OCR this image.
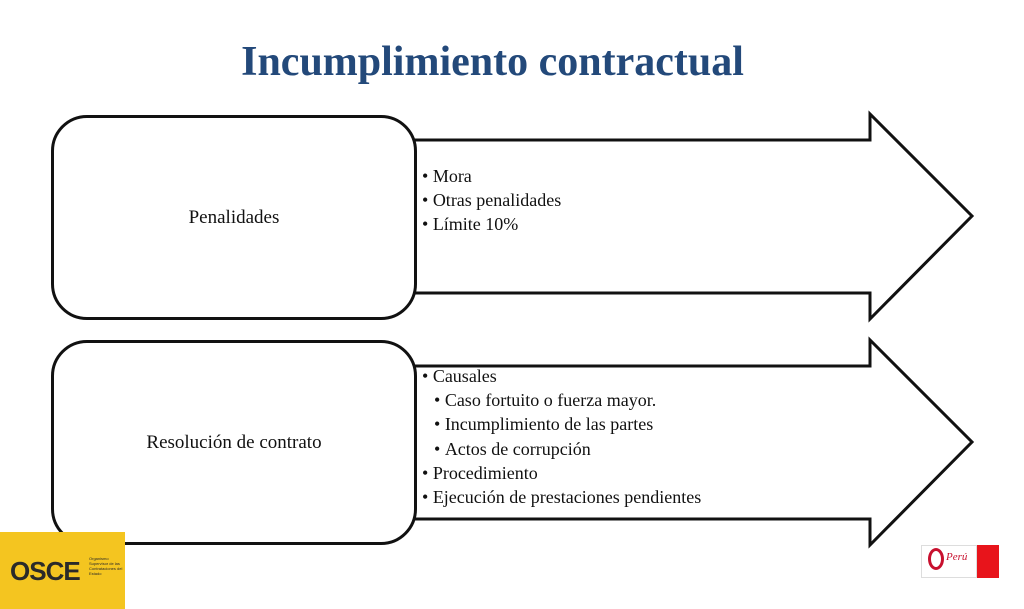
Incumplimiento contractual
Penalidades
• Mora
• Otras penalidades
• Límite 10%
Resolución de contrato
• Causales
• Caso fortuito o fuerza mayor.
• Incumplimiento de las partes
• Actos de corrupción
• Procedimiento
• Ejecución de prestaciones pendientes
OSCE Organismo Supervisor de las Contrataciones del Estado
Perú
